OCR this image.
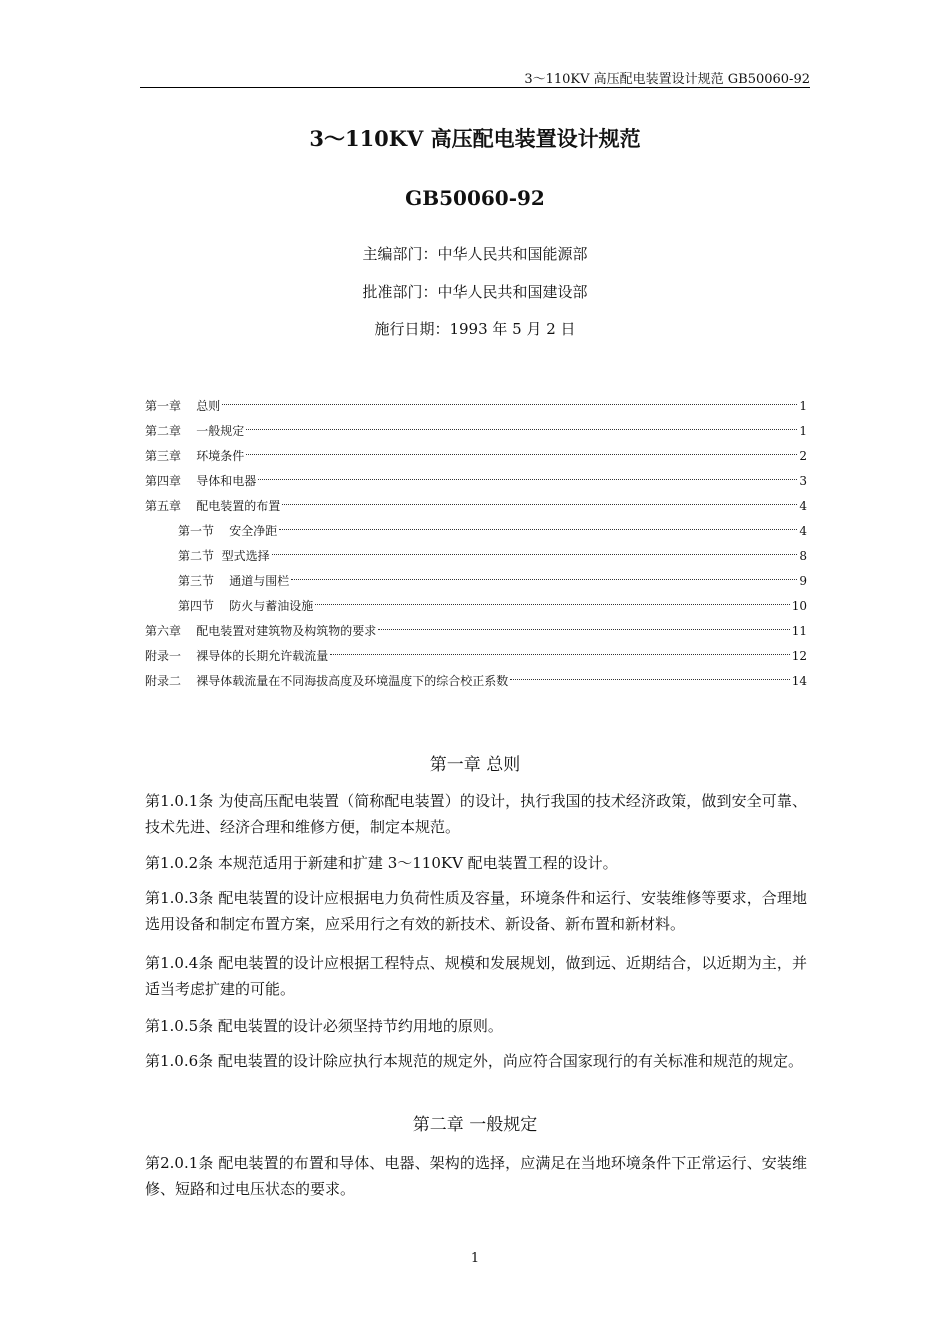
3～110KV 高压配电装置设计规范 GB50060-92
3～110KV 高压配电装置设计规范
GB50060-92
主编部门：中华人民共和国能源部
批准部门：中华人民共和国建设部
施行日期：1993 年 5 月 2 日
第一章    总则	1
第二章    一般规定	1
第三章    环境条件	2
第四章    导体和电器	3
第五章    配电装置的布置	4
第一节    安全净距	4
第二节  型式选择	8
第三节    通道与围栏	9
第四节    防火与蓄油设施	10
第六章    配电装置对建筑物及构筑物的要求	11
附录一    裸导体的长期允许载流量	12
附录二    裸导体载流量在不同海拔高度及环境温度下的综合校正系数	14
第一章 总则
第1.0.1条 为使高压配电装置（简称配电装置）的设计，执行我国的技术经济政策，做到安全可靠、技术先进、经济合理和维修方便，制定本规范。
第1.0.2条 本规范适用于新建和扩建 3～110KV 配电装置工程的设计。
第1.0.3条 配电装置的设计应根据电力负荷性质及容量，环境条件和运行、安装维修等要求，合理地选用设备和制定布置方案，应采用行之有效的新技术、新设备、新布置和新材料。
第1.0.4条 配电装置的设计应根据工程特点、规模和发展规划，做到远、近期结合，以近期为主，并适当考虑扩建的可能。
第1.0.5条 配电装置的设计必须坚持节约用地的原则。
第1.0.6条 配电装置的设计除应执行本规范的规定外，尚应符合国家现行的有关标准和规范的规定。
第二章 一般规定
第2.0.1条 配电装置的布置和导体、电器、架构的选择，应满足在当地环境条件下正常运行、安装维修、短路和过电压状态的要求。
1
